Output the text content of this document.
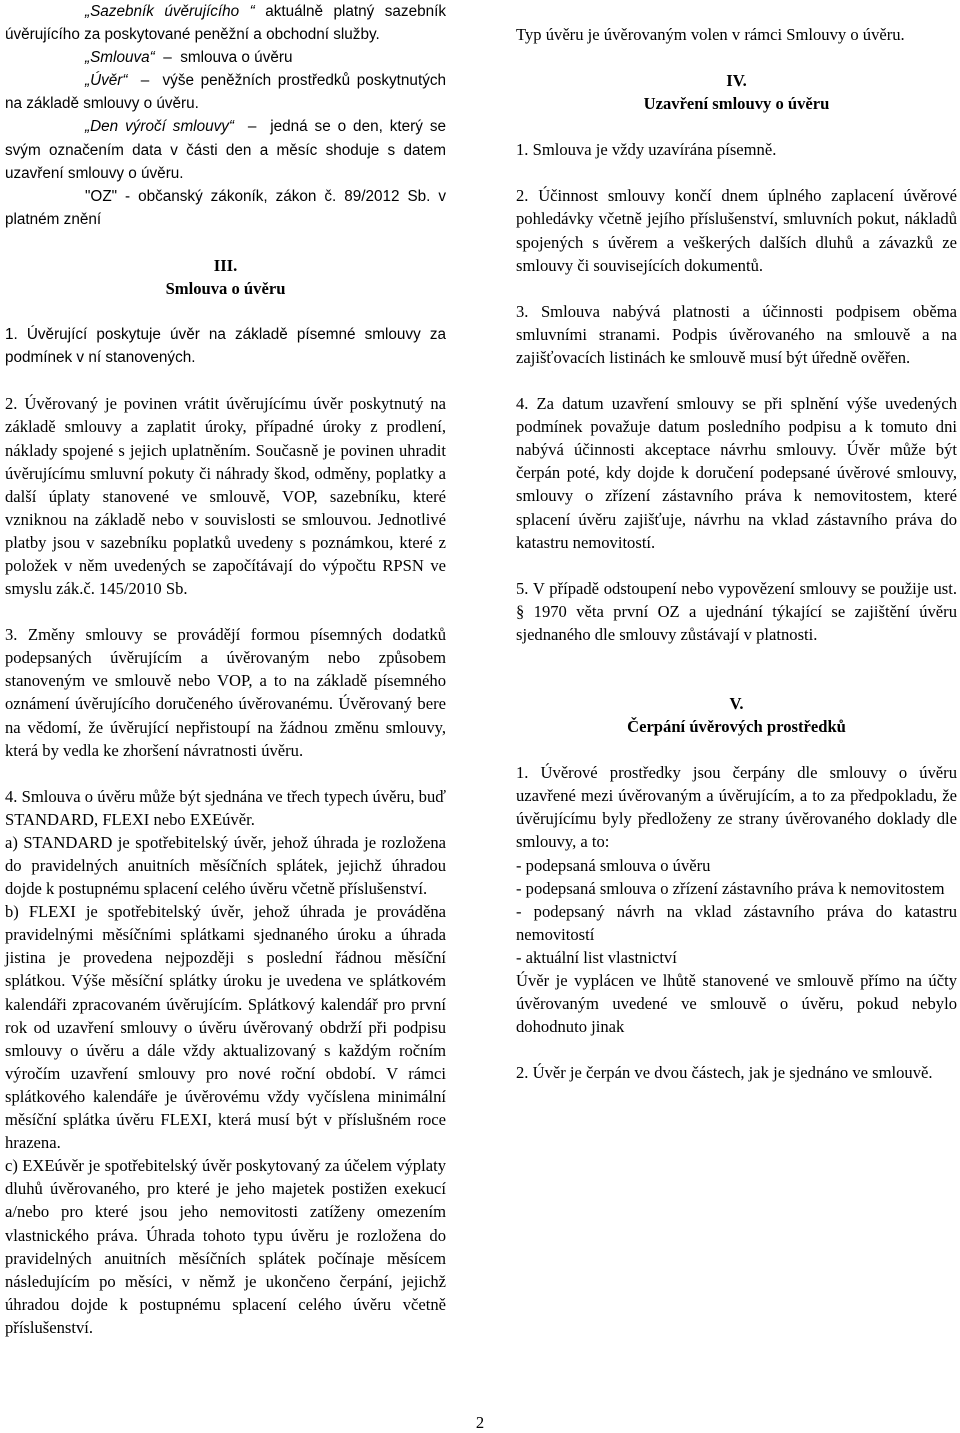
„Sazebník úvěrujícího “ aktuálně platný sazebník úvěrujícího za poskytované peněžní a obchodní služby.
„Smlouva“  –  smlouva o úvěru
„Úvěr“  –  výše peněžních prostředků poskytnutých na základě smlouvy o úvěru.
„Den výročí smlouvy“  –  jedná se o den, který se svým označením data v části den a měsíc shoduje s datem uzavření smlouvy o úvěru.
"OZ" - občanský zákoník, zákon č. 89/2012 Sb. v platném znění
III.
Smlouva o úvěru
1. Úvěrující poskytuje úvěr na základě písemné smlouvy za podmínek v ní stanovených.
2. Úvěrovaný je povinen vrátit úvěrujícímu úvěr poskytnutý na základě smlouvy a zaplatit úroky, případné úroky z prodlení, náklady spojené s jejich uplatněním. Současně je povinen uhradit úvěrujícímu smluvní pokuty či náhrady škod, odměny, poplatky a další úplaty stanovené ve smlouvě, VOP, sazebníku, které vzniknou na základě nebo v souvislosti se smlouvou. Jednotlivé platby jsou v sazebníku poplatků uvedeny s poznámkou, které z položek v něm uvedených se započítávají do výpočtu RPSN ve smyslu zák.č. 145/2010 Sb.
3. Změny smlouvy se provádějí formou písemných dodatků podepsaných úvěrujícím a úvěrovaným nebo způsobem stanoveným ve smlouvě nebo VOP, a to na základě písemného oznámení úvěrujícího doručeného úvěrovanému. Úvěrovaný bere na vědomí, že úvěrující nepřistoupí na žádnou změnu smlouvy, která by vedla ke zhoršení návratnosti úvěru.
4. Smlouva o úvěru může být sjednána ve třech typech úvěru, buď STANDARD, FLEXI nebo EXEúvěr.
a) STANDARD je spotřebitelský úvěr, jehož úhrada je rozložena do pravidelných anuitních měsíčních splátek, jejichž úhradou dojde k postupnému splacení celého úvěru včetně příslušenství.
b) FLEXI je spotřebitelský úvěr, jehož úhrada je prováděna pravidelnými měsíčními splátkami sjednaného úroku a úhrada jistina je provedena nejpozději s poslední řádnou měsíční splátkou. Výše měsíční splátky úroku je uvedena ve splátkovém kalendáři zpracovaném úvěrujícím. Splátkový kalendář pro první rok od uzavření smlouvy o úvěru úvěrovaný obdrží při podpisu smlouvy o úvěru a dále vždy aktualizovaný s každým ročním výročím uzavření smlouvy pro nové roční období. V rámci splátkového kalendáře je úvěrovému vždy vyčíslena minimální měsíční splátka úvěru FLEXI, která musí být v příslušném roce hrazena.
c) EXEúvěr je spotřebitelský úvěr poskytovaný za účelem výplaty dluhů úvěrovaného, pro které je jeho majetek postižen exekucí a/nebo pro které jsou jeho nemovitosti zatíženy omezením vlastnického práva. Úhrada tohoto typu úvěru je rozložena do pravidelných anuitních měsíčních splátek počínaje měsícem následujícím po měsíci, v němž je ukončeno čerpání, jejichž úhradou dojde k postupnému splacení celého úvěru včetně příslušenství.
Typ úvěru je úvěrovaným volen v rámci Smlouvy o úvěru.
IV.
Uzavření smlouvy o úvěru
1. Smlouva je vždy uzavírána písemně.
2. Účinnost smlouvy končí dnem úplného zaplacení úvěrové pohledávky včetně jejího příslušenství, smluvních pokut, nákladů spojených s úvěrem a veškerých dalších dluhů a závazků ze smlouvy či souvisejících dokumentů.
3. Smlouva nabývá platnosti a účinnosti podpisem oběma smluvními stranami. Podpis úvěrovaného na smlouvě a na zajišťovacích listinách ke smlouvě musí být úředně ověřen.
4. Za datum uzavření smlouvy se při splnění výše uvedených podmínek považuje datum posledního podpisu a k tomuto dni nabývá účinnosti akceptace návrhu smlouvy. Úvěr může být čerpán poté, kdy dojde k doručení podepsané úvěrové smlouvy, smlouvy o zřízení zástavního práva k nemovitostem, které splacení úvěru zajišťuje, návrhu na vklad zástavního práva do katastru nemovitostí.
5. V případě odstoupení nebo vypovězení smlouvy se použije ust. § 1970 věta první OZ a ujednání týkající se zajištění úvěru sjednaného dle smlouvy zůstávají v platnosti.
V.
Čerpání úvěrových prostředků
1. Úvěrové prostředky jsou čerpány dle smlouvy o úvěru uzavřené mezi úvěrovaným a úvěrujícím, a to za předpokladu, že úvěrujícímu byly předloženy ze strany úvěrovaného doklady dle smlouvy, a to:
- podepsaná smlouva o úvěru
- podepsaná smlouva o zřízení zástavního práva k nemovitostem
- podepsaný návrh na vklad zástavního práva do katastru nemovitostí
- aktuální list vlastnictví
Úvěr je vyplácen ve lhůtě stanovené ve smlouvě přímo na účty úvěrovaným uvedené ve smlouvě o úvěru, pokud nebylo dohodnuto jinak
2. Úvěr je čerpán ve dvou částech, jak je sjednáno ve smlouvě.
2
